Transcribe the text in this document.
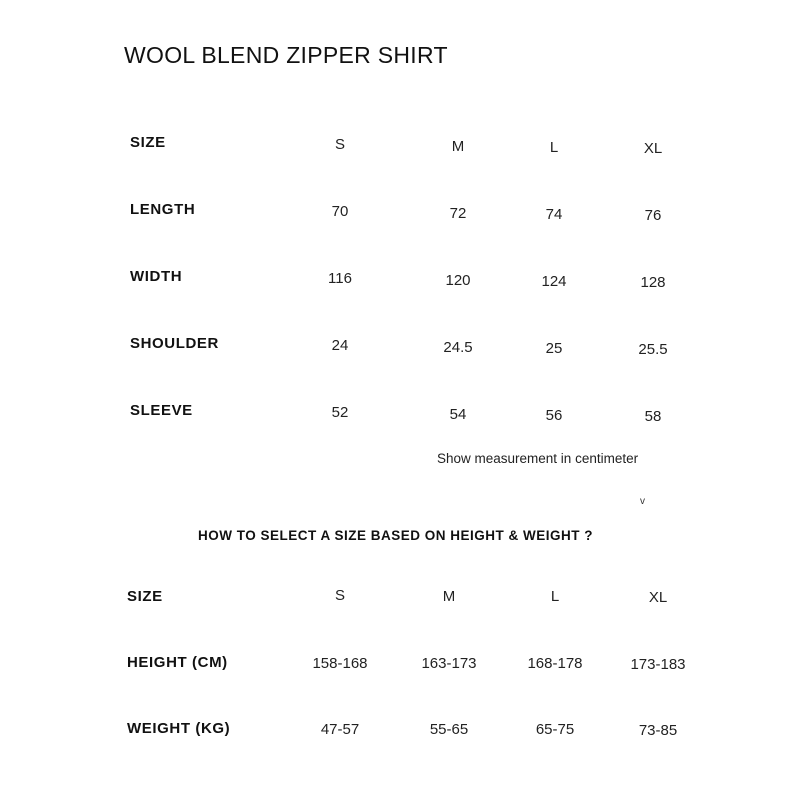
WOOL BLEND ZIPPER SHIRT
SIZE	S	M	L	XL
LENGTH	70	72	74	76
WIDTH	116	120	124	128
SHOULDER	24	24.5	25	25.5
SLEEVE	52	54	56	58
Show measurement in centimeter
v
HOW TO SELECT A SIZE BASED ON HEIGHT & WEIGHT ?
SIZE	S	M	L	XL
HEIGHT (CM)	158-168	163-173	168-178	173-183
WEIGHT (KG)	47-57	55-65	65-75	73-85
